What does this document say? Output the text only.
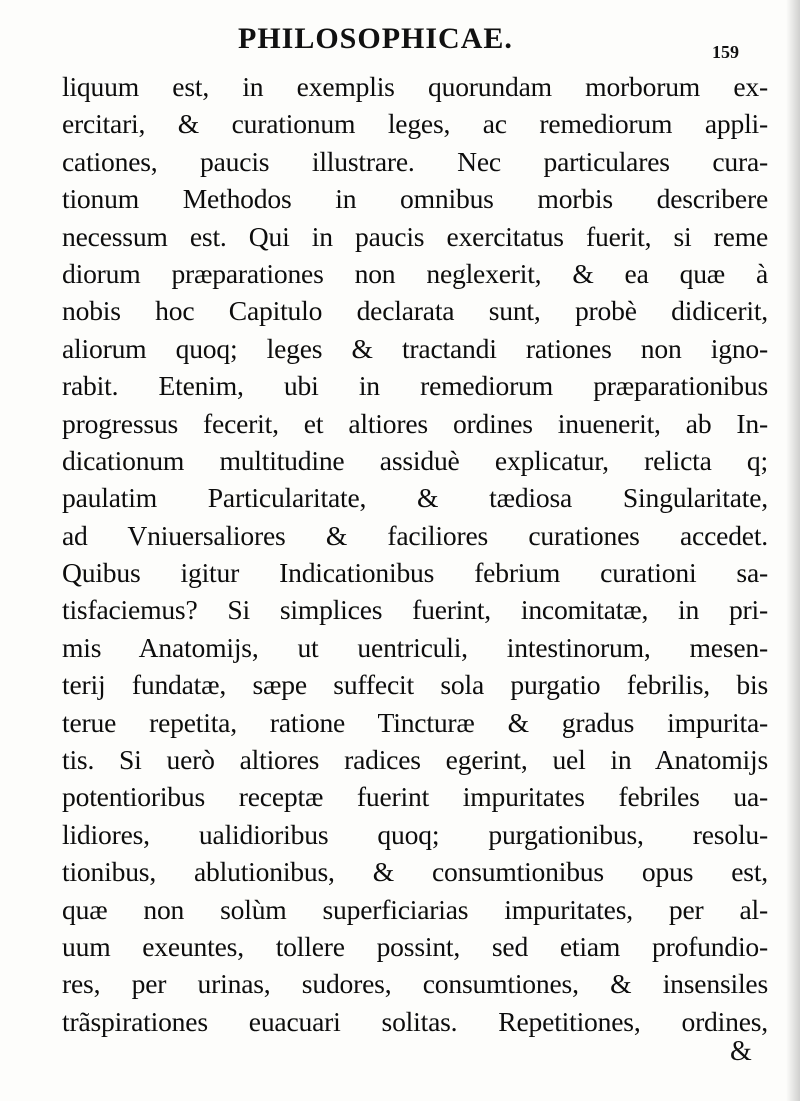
PHILOSOPHICAE.	159
liquum est, in exemplis quorundam morborum ex-
ercitari, & curationum leges, ac remediorum appli-
cationes, paucis illustrare. Nec particulares cura-
tionum Methodos in omnibus morbis describere
necessum est. Qui in paucis exercitatus fuerit, si reme
diorum præparationes non neglexerit, & ea quæ à
nobis hoc Capitulo declarata sunt, probè didicerit,
aliorum quoq; leges & tractandi rationes non igno-
rabit. Etenim, ubi in remediorum præparationibus
progressus fecerit, et altiores ordines inuenerit, ab In-
dicationum multitudine assiduè explicatur, relicta q;
paulatim Particularitate, & tædiosa Singularitate,
ad Vniuersaliores & faciliores curationes accedet.
Quibus igitur Indicationibus febrium curationi sa-
tisfaciemus? Si simplices fuerint, incomitatæ, in pri-
mis Anatomijs, ut uentriculi, intestinorum, mesen-
terij fundatæ, sæpe suffecit sola purgatio febrilis, bis
terue repetita, ratione Tincturæ & gradus impurita-
tis. Si uerò altiores radices egerint, uel in Anatomijs
potentioribus receptæ fuerint impuritates febriles ua-
lidiores, ualidioribus quoq; purgationibus, resolu-
tionibus, ablutionibus, & consumtionibus opus est,
quæ non solùm superficiarias impuritates, per al-
uum exeuntes, tollere possint, sed etiam profundio-
res, per urinas, sudores, consumtiones, & insensiles
trãspirationes euacuari solitas. Repetitiones, ordines,
&
